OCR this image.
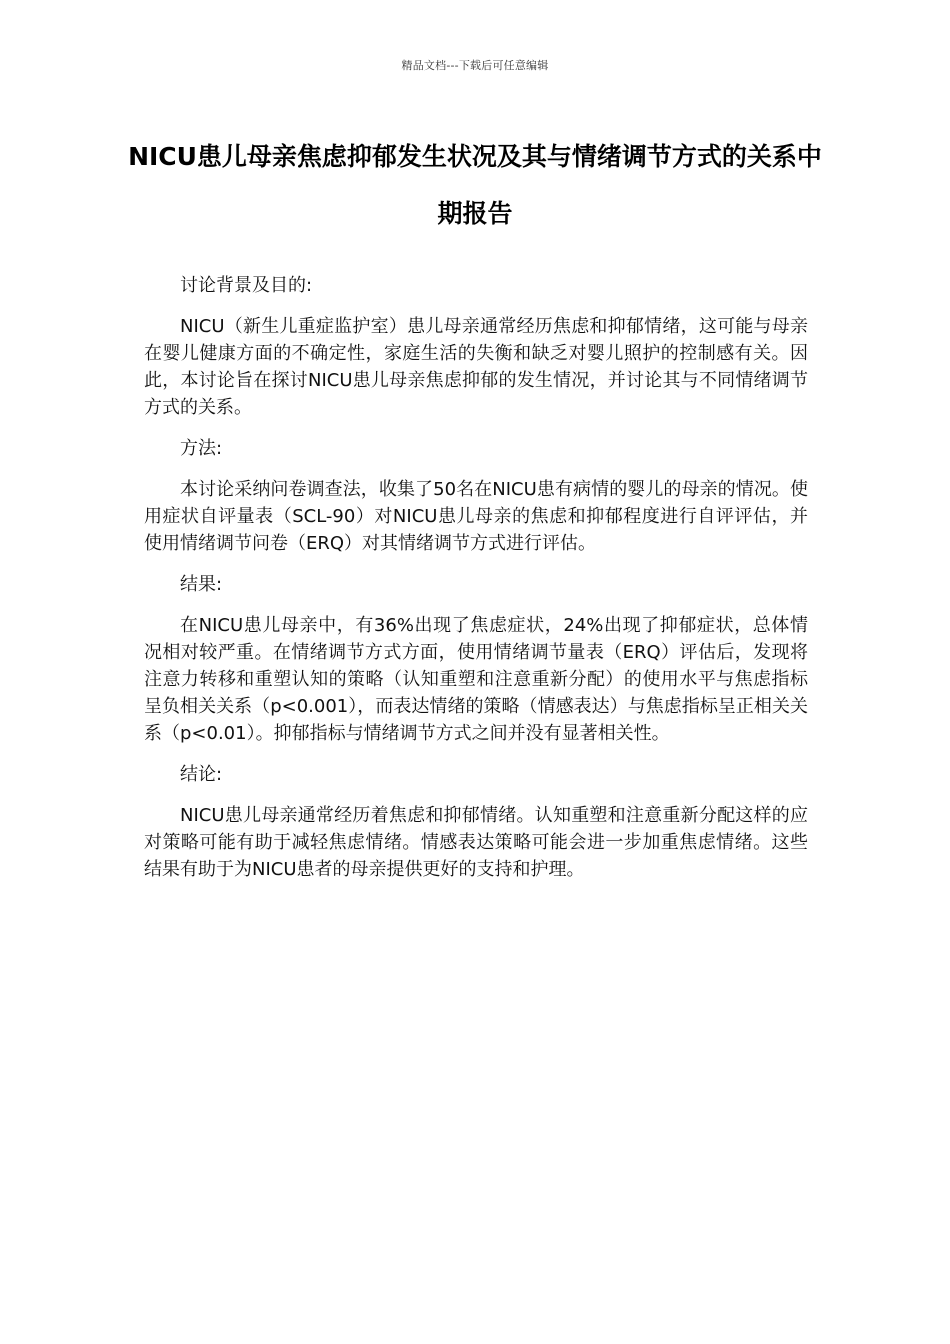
精品文档---下载后可任意编辑
NICU患儿母亲焦虑抑郁发生状况及其与情绪调节方式的关系中期报告

讨论背景及目的:

NICU（新生儿重症监护室）患儿母亲通常经历焦虑和抑郁情绪，这可能与母亲在婴儿健康方面的不确定性，家庭生活的失衡和缺乏对婴儿照护的控制感有关。因此，本讨论旨在探讨NICU患儿母亲焦虑抑郁的发生情况，并讨论其与不同情绪调节方式的关系。

方法:

本讨论采纳问卷调查法，收集了50名在NICU患有病情的婴儿的母亲的情况。使用症状自评量表（SCL-90）对NICU患儿母亲的焦虑和抑郁程度进行自评评估，并使用情绪调节问卷（ERQ）对其情绪调节方式进行评估。

结果:

在NICU患儿母亲中，有36%出现了焦虑症状，24%出现了抑郁症状，总体情况相对较严重。在情绪调节方式方面，使用情绪调节量表（ERQ）评估后，发现将注意力转移和重塑认知的策略（认知重塑和注意重新分配）的使用水平与焦虑指标呈负相关关系（p<0.001），而表达情绪的策略（情感表达）与焦虑指标呈正相关关系（p<0.01）。抑郁指标与情绪调节方式之间并没有显著相关性。

结论:

NICU患儿母亲通常经历着焦虑和抑郁情绪。认知重塑和注意重新分配这样的应对策略可能有助于减轻焦虑情绪。情感表达策略可能会进一步加重焦虑情绪。这些结果有助于为NICU患者的母亲提供更好的支持和护理。
